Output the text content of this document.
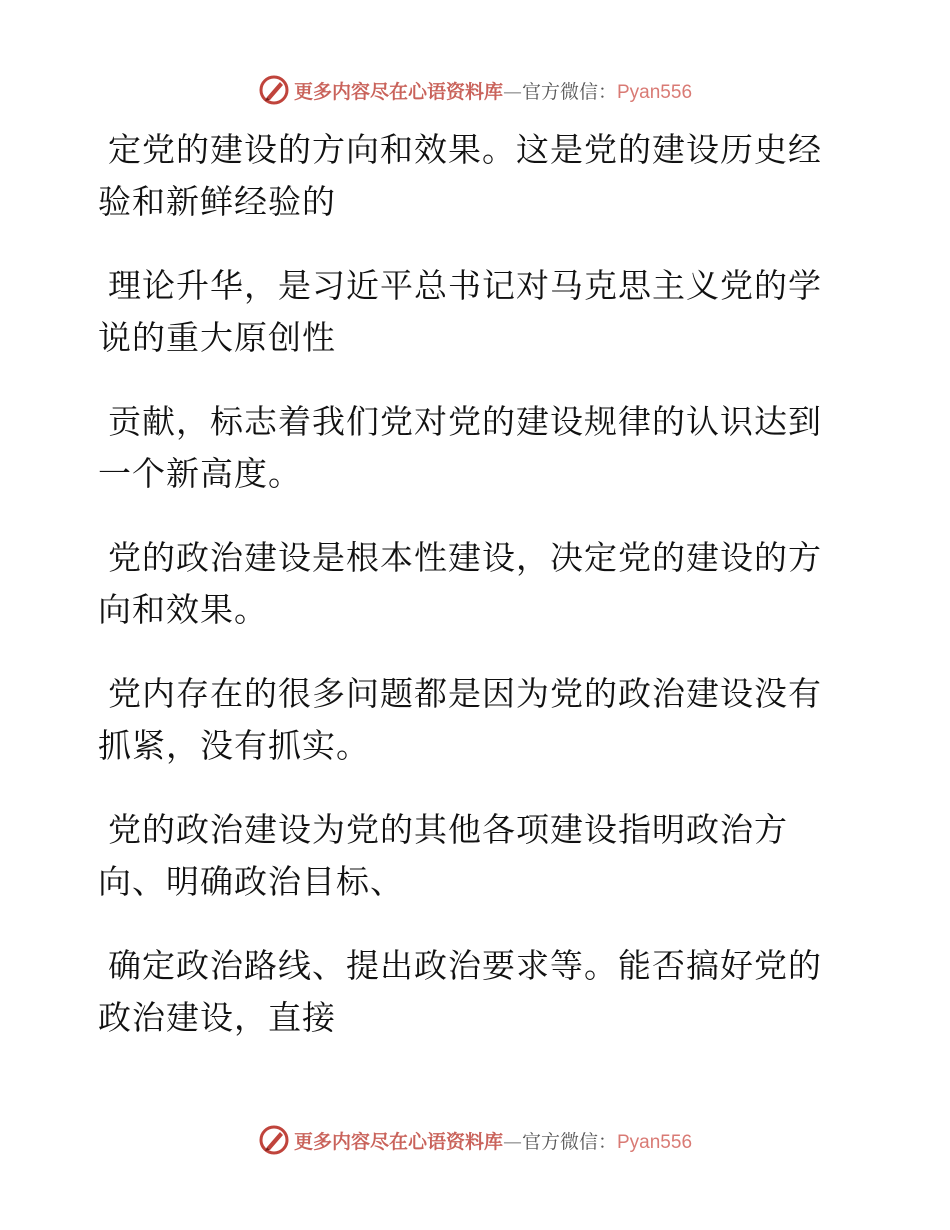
更多内容尽在心语资料库—官方微信：Pyan556

定党的建设的方向和效果。这是党的建设历史经验和新鲜经验的

理论升华，是习近平总书记对马克思主义党的学说的重大原创性

贡献，标志着我们党对党的建设规律的认识达到一个新高度。

党的政治建设是根本性建设，决定党的建设的方向和效果。

党内存在的很多问题都是因为党的政治建设没有抓紧，没有抓实。

党的政治建设为党的其他各项建设指明政治方
向、明确政治目标、

确定政治路线、提出政治要求等。能否搞好党的政治建设，直接

更多内容尽在心语资料库—官方微信：Pyan556
